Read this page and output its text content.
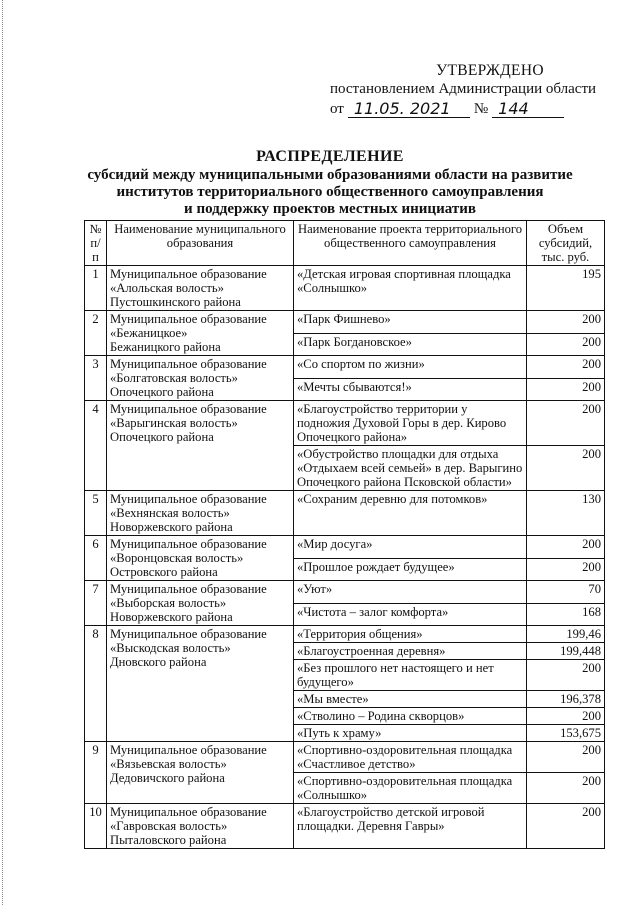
УТВЕРЖДЕНО
постановлением Администрации области
от 11.05. 2021	№ 144
РАСПРЕДЕЛЕНИЕ
субсидий между муниципальными образованиями области на развитие
институтов территориального общественного самоуправления
и поддержку проектов местных инициатив
№ п/п	Наименование муниципального образования	Наименование проекта территориального общественного самоуправления	Объем субсидий, тыс. руб.
1	Муниципальное образование
«Алольская волость»
Пустошкинского района	«Детская игровая спортивная площадка «Солнышко»	195
2	Муниципальное образование
«Бежаницкое»
Бежаницкого района	«Парк Фишнево»	200
		«Парк Богдановское»	200
3	Муниципальное образование
«Болгатовская волость»
Опочецкого района	«Со спортом по жизни»	200
		«Мечты сбываются!»	200
4	Муниципальное образование
«Варыгинская волость»
Опочецкого района	«Благоустройство территории у подножия Духовой Горы в дер. Кирово Опочецкого района»	200
		«Обустройство площадки для отдыха «Отдыхаем всей семьей» в дер. Варыгино Опочецкого района Псковской области»	200
5	Муниципальное образование
«Вехнянская волость»
Новоржевского района	«Сохраним деревню для потомков»	130
6	Муниципальное образование
«Воронцовская волость»
Островского района	«Мир досуга»	200
		«Прошлое рождает будущее»	200
7	Муниципальное образование
«Выборская волость»
Новоржевского района	«Уют»	70
		«Чистота – залог комфорта»	168
8	Муниципальное образование
«Выскодская волость»
Дновского района	«Территория общения»	199,46
		«Благоустроенная деревня»	199,448
		«Без прошлого нет настоящего и нет будущего»	200
		«Мы вместе»	196,378
		«Стволино – Родина скворцов»	200
		«Путь к храму»	153,675
9	Муниципальное образование
«Вязьевская волость»
Дедовичского района	«Спортивно-оздоровительная площадка «Счастливое детство»	200
		«Спортивно-оздоровительная площадка «Солнышко»	200
10	Муниципальное образование
«Гавровская волость»
Пыталовского района	«Благоустройство детской игровой площадки. Деревня Гавры»	200
